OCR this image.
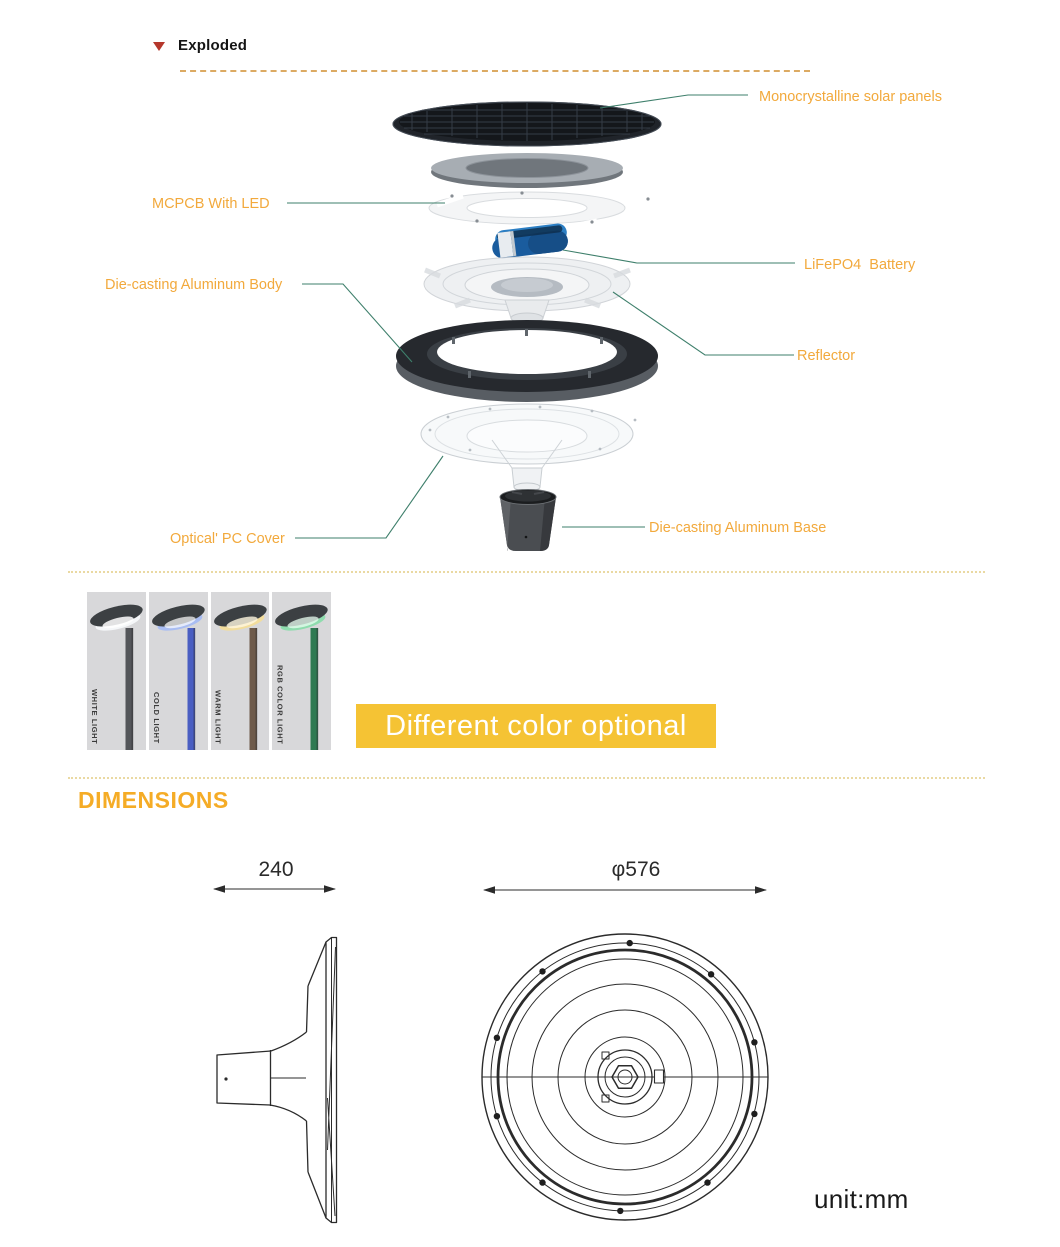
Exploded
Monocrystalline solar panels
MCPCB With LED
LiFePO4  Battery
Die-casting Aluminum Body
Reflector
Optical' PC Cover
Die-casting Aluminum Base
WHITE LIGHT	COLD LIGHT	WARM LIGHT	RGB COLOR LIGHT	Different color optional
DIMENSIONS
240	φ576
unit:mm
